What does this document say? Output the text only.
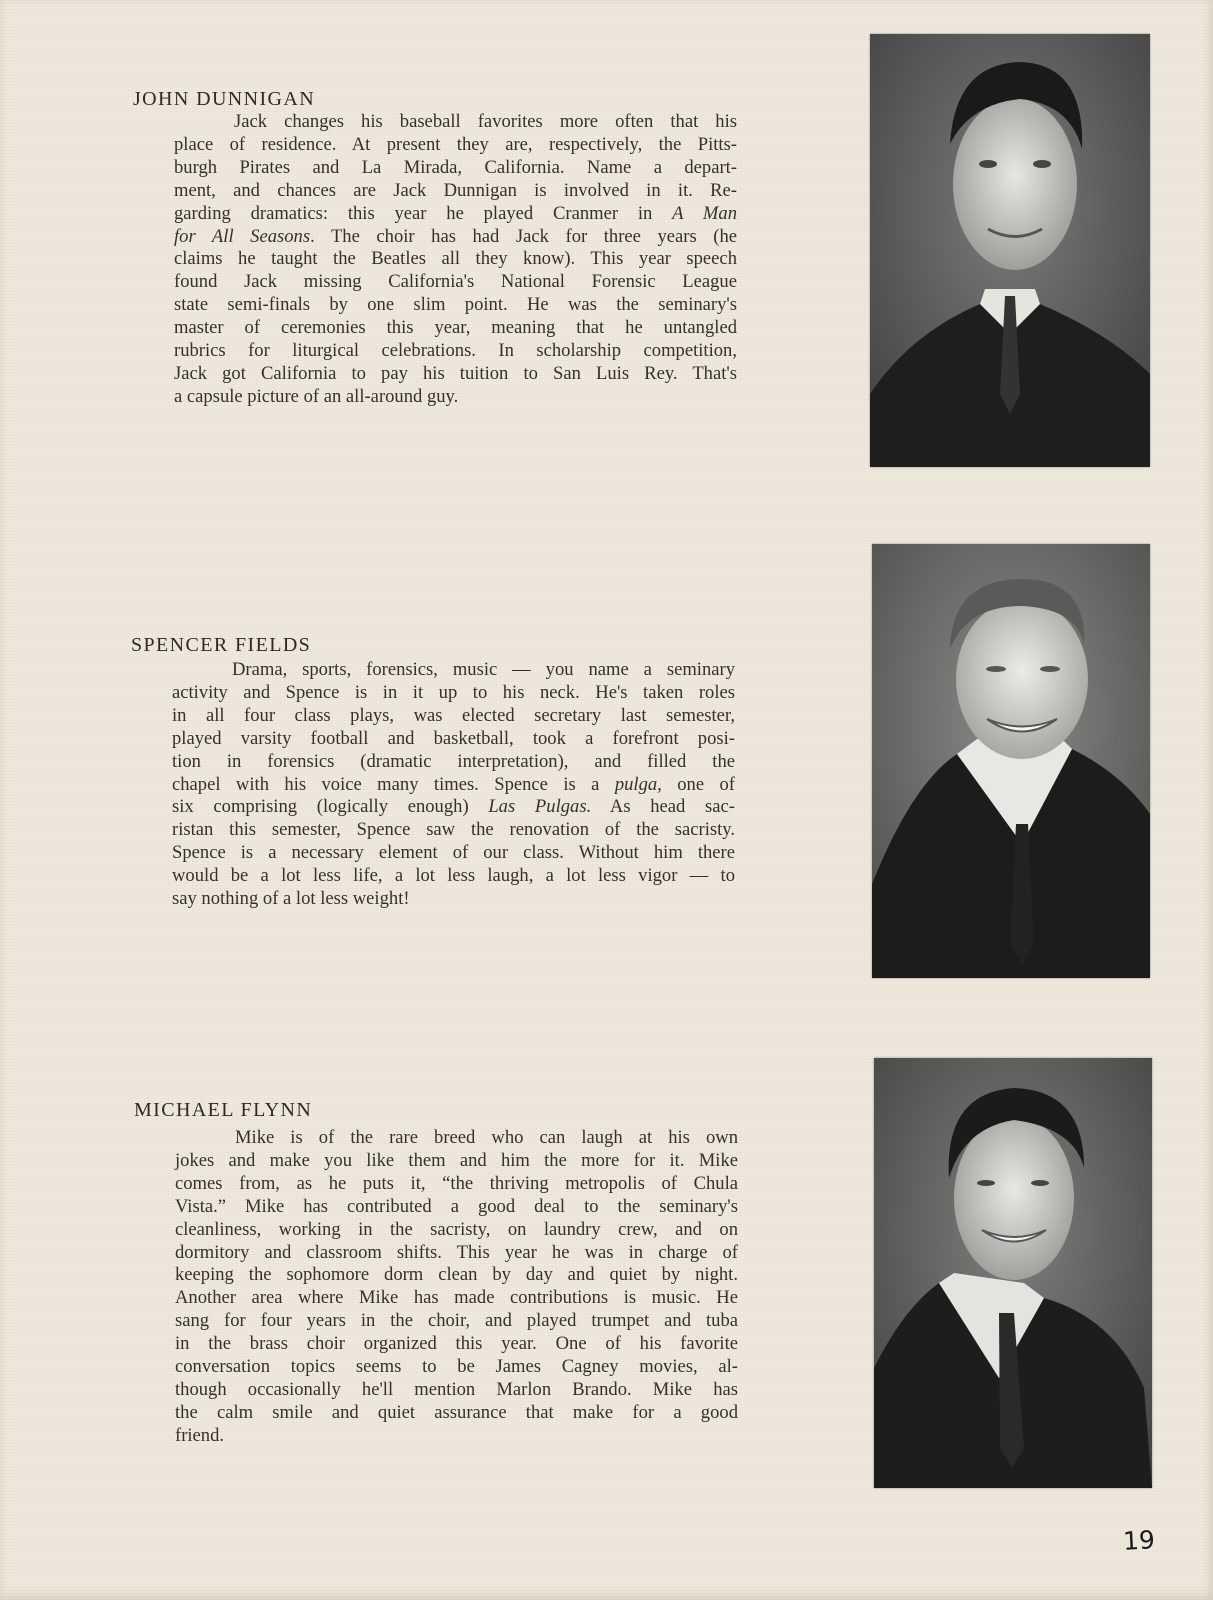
JOHN DUNNIGAN
Jack changes his baseball favorites more often that his
place of residence. At present they are, respectively, the Pitts-
burgh Pirates and La Mirada, California. Name a depart-
ment, and chances are Jack Dunnigan is involved in it. Re-
garding dramatics: this year he played Cranmer in A Man
for All Seasons. The choir has had Jack for three years (he
claims he taught the Beatles all they know). This year speech
found Jack missing California's National Forensic League
state semi-finals by one slim point. He was the seminary's
master of ceremonies this year, meaning that he untangled
rubrics for liturgical celebrations. In scholarship competition,
Jack got California to pay his tuition to San Luis Rey. That's
a capsule picture of an all-around guy.
SPENCER FIELDS
Drama, sports, forensics, music — you name a seminary
activity and Spence is in it up to his neck. He's taken roles
in all four class plays, was elected secretary last semester,
played varsity football and basketball, took a forefront posi-
tion in forensics (dramatic interpretation), and filled the
chapel with his voice many times. Spence is a pulga, one of
six comprising (logically enough) Las Pulgas. As head sac-
ristan this semester, Spence saw the renovation of the sacristy.
Spence is a necessary element of our class. Without him there
would be a lot less life, a lot less laugh, a lot less vigor — to
say nothing of a lot less weight!
MICHAEL FLYNN
Mike is of the rare breed who can laugh at his own
jokes and make you like them and him the more for it. Mike
comes from, as he puts it, “the thriving metropolis of Chula
Vista.” Mike has contributed a good deal to the seminary's
cleanliness, working in the sacristy, on laundry crew, and on
dormitory and classroom shifts. This year he was in charge of
keeping the sophomore dorm clean by day and quiet by night.
Another area where Mike has made contributions is music. He
sang for four years in the choir, and played trumpet and tuba
in the brass choir organized this year. One of his favorite
conversation topics seems to be James Cagney movies, al-
though occasionally he'll mention Marlon Brando. Mike has
the calm smile and quiet assurance that make for a good
friend.
19
